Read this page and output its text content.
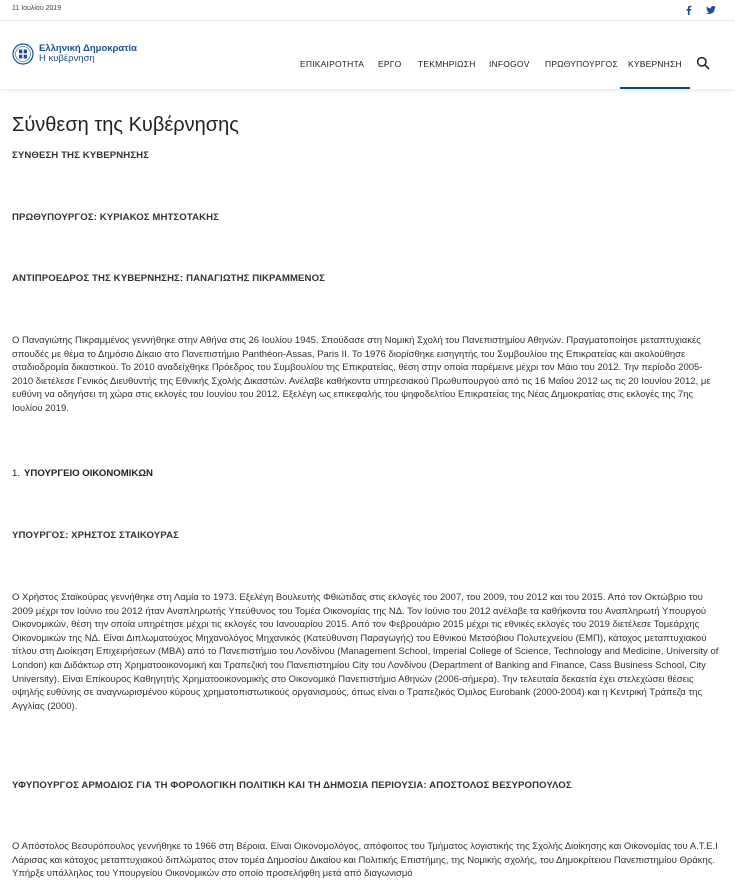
11 Ιουλίου 2019
Ελληνική Δημοκρατία
Η κυβέρνηση	ΕΠΙΚΑΙΡΟΤΗΤΑ ΕΡΓΟ ΤΕΚΜΗΡΙΩΣΗ INFOGOV ΠΡΩΘΥΠΟΥΡΓΟΣ ΚΥΒΕΡΝΗΣΗ
Σύνθεση της Κυβέρνησης
ΣΥΝΘΕΣΗ ΤΗΣ ΚΥΒΕΡΝΗΣΗΣ
ΠΡΩΘΥΠΟΥΡΓΟΣ: ΚΥΡΙΑΚΟΣ ΜΗΤΣΟΤΑΚΗΣ
ΑΝΤΙΠΡΟΕΔΡΟΣ ΤΗΣ ΚΥΒΕΡΝΗΣΗΣ: ΠΑΝΑΓΙΩΤΗΣ ΠΙΚΡΑΜΜΕΝΟΣ

Ο Παναγιώτης Πικραμμένος γεννήθηκε στην Αθήνα στις 26 Ιουλίου 1945. Σπούδασε στη Νομική Σχολή του Πανεπιστημίου Αθηνών. Πραγματοποίησε μεταπτυχιακές σπουδές με θέμα το Δημόσιο Δίκαιο στο Πανεπιστήμιο Panthéon-Assas, Paris II. Το 1976 διορίσθηκε εισηγητής του Συμβουλίου της Επικρατείας και ακολούθησε σταδιοδρομία δικαστικού. Το 2010 αναδείχθηκε Πρόεδρος του Συμβουλίου της Επικρατείας, θέση στην οποία παρέμεινε μέχρι τον Μάιο του 2012. Την περίοδο 2005-2010 διετέλεσε Γενικός Διευθυντής της Εθνικής Σχολής Δικαστών. Ανέλαβε καθήκοντα υπηρεσιακού Πρωθυπουργού από τις 16 Μαΐου 2012 ως τις 20 Ιουνίου 2012, με ευθύνη να οδηγήσει τη χώρα στις εκλογές του Ιουνίου του 2012. Εξελέγη ως επικεφαλής του ψηφοδελτίου Επικρατείας της Νέας Δημοκρατίας στις εκλογές της 7ης Ιουλίου 2019.

1. ΥΠΟΥΡΓΕΙΟ ΟΙΚΟΝΟΜΙΚΩΝ
ΥΠΟΥΡΓΟΣ: ΧΡΗΣΤΟΣ ΣΤΑΙΚΟΥΡΑΣ

Ο Χρήστος Σταϊκούρας γεννήθηκε στη Λαμία το 1973. Εξελέγη Βουλευτής Φθιώτιδας στις εκλογές του 2007, του 2009, του 2012 και του 2015. Από τον Οκτώβριο του 2009 μέχρι τον Ιούνιο του 2012 ήταν Αναπληρωτής Υπεύθυνος του Τομέα Οικονομίας της ΝΔ. Τον Ιούνιο του 2012 ανέλαβε τα καθήκοντα του Αναπληρωτή Υπουργού Οικονομικών, θέση την οποία υπηρέτησε μέχρι τις εκλογές του Ιανουαρίου 2015. Από τον Φεβρουάριο 2015 μέχρι τις εθνικές εκλογές του 2019 διετέλεσε Τομεάρχης Οικονομικών της ΝΔ. Είναι Διπλωματούχος Μηχανολόγος Μηχανικός (Κατεύθυνση Παραγωγής) του Εθνικού Μετσόβιου Πολυτεχνείου (ΕΜΠ), κάτοχος μεταπτυχιακού τίτλου στη Διοίκηση Επιχειρήσεων (MBA) από το Πανεπιστήμιο του Λονδίνου (Management School, Imperial College of Science, Technology and Medicine, University of London) και Διδάκτωρ στη Χρηματοοικονομική και Τραπεζική του Πανεπιστημίου City του Λονδίνου (Department of Banking and Finance, Cass Business School, City University). Είναι Επίκουρος Καθηγητής Χρηματοοικονομικής στο Οικονομικό Πανεπιστήμιο Αθηνών (2006-σήμερα). Την τελευταία δεκαετία έχει στελεχώσει θέσεις υψηλής ευθύνης σε αναγνωρισμένου κύρους χρηματοπιστωτικούς οργανισμούς, όπως είναι ο Τραπεζικός Όμιλος Eurobank (2000-2004) και η Κεντρική Τράπεζα της Αγγλίας (2000).

ΥΦΥΠΟΥΡΓΟΣ ΑΡΜΟΔΙΟΣ ΓΙΑ ΤΗ ΦΟΡΟΛΟΓΙΚΗ ΠΟΛΙΤΙΚΗ ΚΑΙ ΤΗ ΔΗΜΟΣΙΑ ΠΕΡΙΟΥΣΙΑ: ΑΠΟΣΤΟΛΟΣ ΒΕΣΥΡΟΠΟΥΛΟΣ

Ο Απόστολος Βεσυρόπουλος γεννήθηκε το 1966 στη Βέροια. Είναι Οικονομολόγος, απόφοιτος του Τμήματος λογιστικής της Σχολής Διοίκησης και Οικονομίας του Α.Τ.Ε.Ι Λάρισας και κάτοχος μεταπτυχιακού διπλώματος στον τομέα Δημοσίου Δικαίου και Πολιτικής Επιστήμης, της Νομικής σχολής, του Δημοκρίτειου Πανεπιστημίου Θράκης. Υπήρξε υπάλληλος του Υπουργείου Οικονομικών στο οποίο προσελήφθη μετά από διαγωνισμό
